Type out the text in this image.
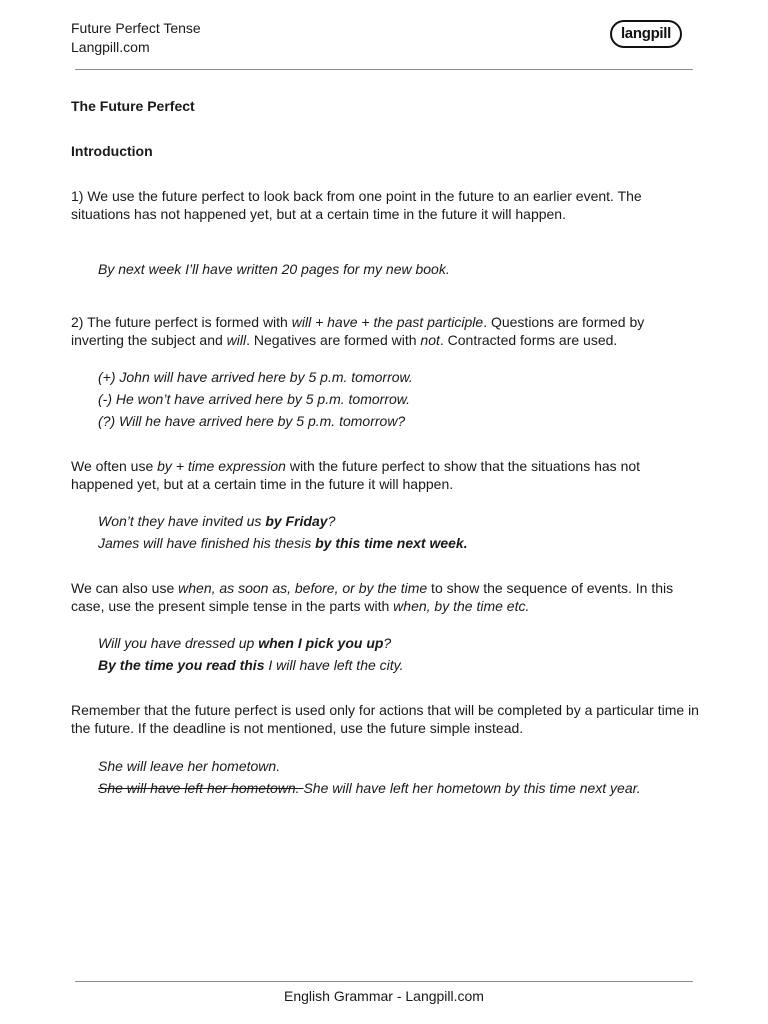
Future Perfect Tense
Langpill.com
langpill

The Future Perfect

Introduction

1) We use the future perfect to look back from one point in the future to an earlier event. The situations has not happened yet, but at a certain time in the future it will happen.

By next week I’ll have written 20 pages for my new book.

2) The future perfect is formed with will + have + the past participle. Questions are formed by inverting the subject and will. Negatives are formed with not. Contracted forms are used.

(+) John will have arrived here by 5 p.m. tomorrow.
(-) He won’t have arrived here by 5 p.m. tomorrow.
(?) Will he have arrived here by 5 p.m. tomorrow?

We often use by + time expression with the future perfect to show that the situations has not happened yet, but at a certain time in the future it will happen.

Won’t they have invited us by Friday?
James will have finished his thesis by this time next week.

We can also use when, as soon as, before, or by the time to show the sequence of events. In this case, use the present simple tense in the parts with when, by the time etc.

Will you have dressed up when I pick you up?
By the time you read this I will have left the city.

Remember that the future perfect is used only for actions that will be completed by a particular time in the future. If the deadline is not mentioned, use the future simple instead.

She will leave her hometown.
She will have left her hometown. She will have left her hometown by this time next year.
English Grammar - Langpill.com
